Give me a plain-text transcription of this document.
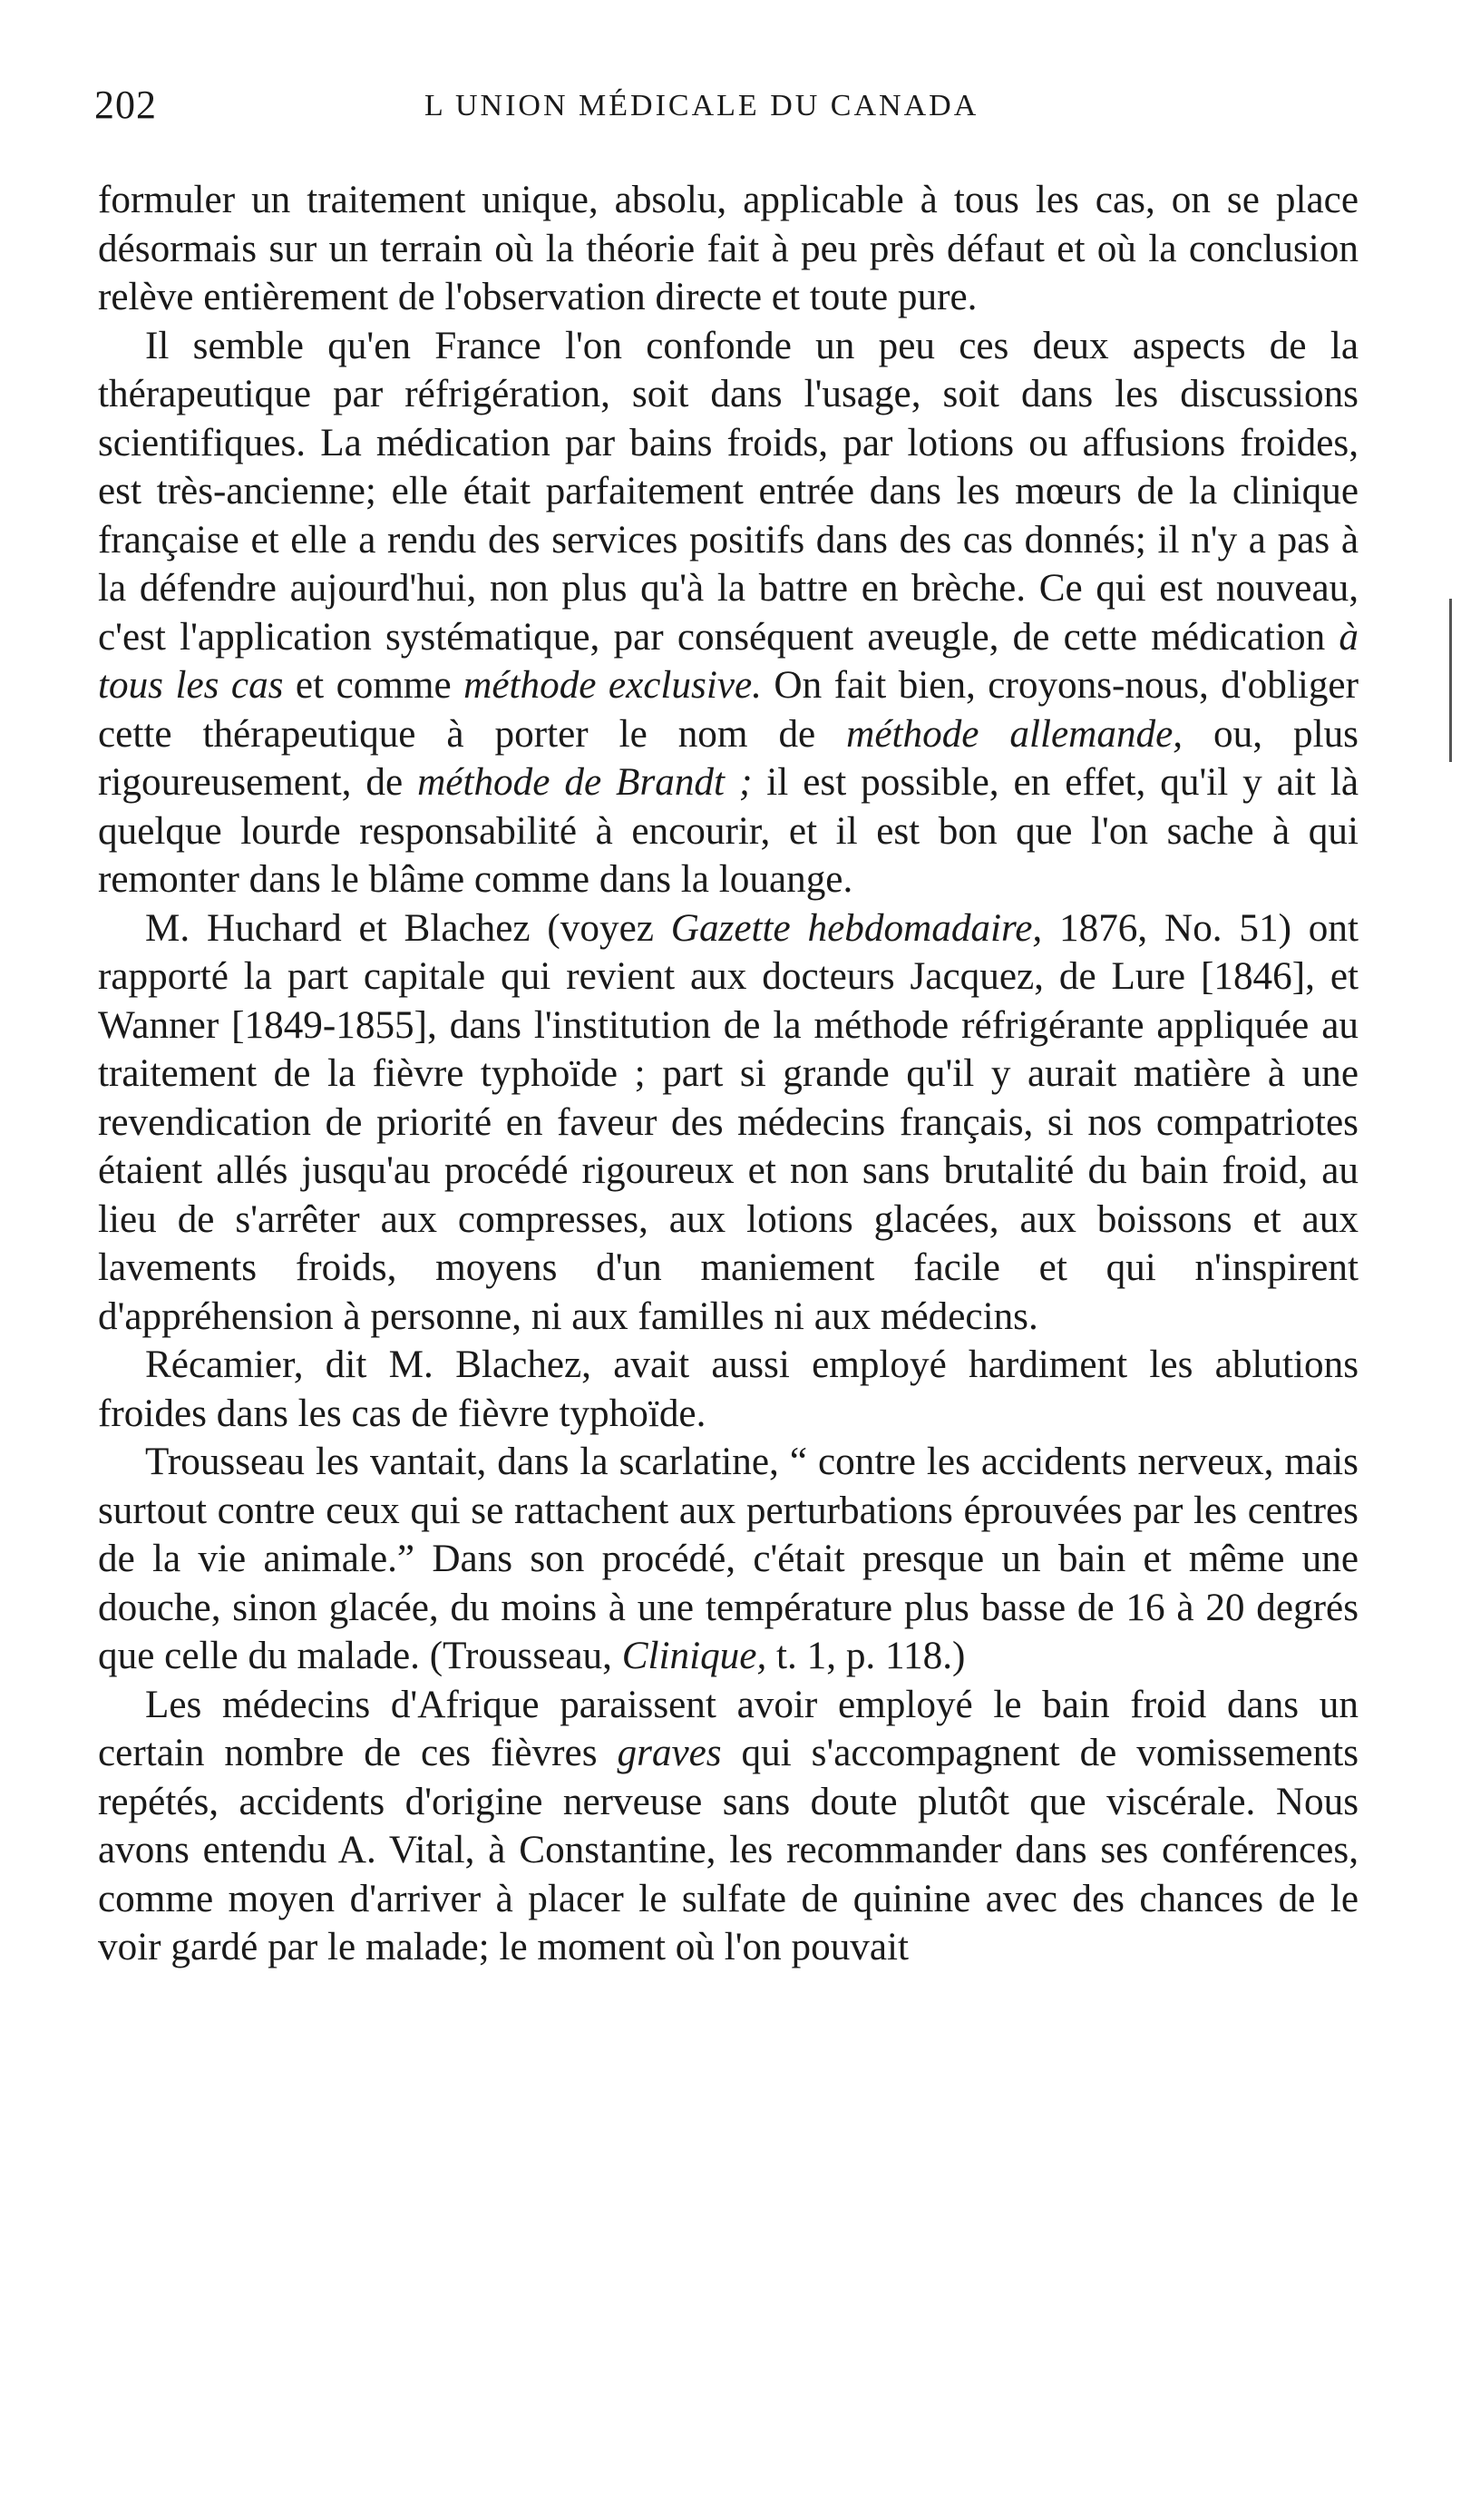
202	L UNION MÉDICALE DU CANADA

formuler un traitement unique, absolu, applicable à tous les cas, on se place désormais sur un terrain où la théorie fait à peu près défaut et où la conclusion relève entièrement de l'observation directe et toute pure.

Il semble qu'en France l'on confonde un peu ces deux aspects de la thérapeutique par réfrigération, soit dans l'usage, soit dans les discussions scientifiques. La médication par bains froids, par lotions ou affusions froides, est très-ancienne; elle était parfaitement entrée dans les mœurs de la clinique française et elle a rendu des services positifs dans des cas donnés; il n'y a pas à la défendre aujourd'hui, non plus qu'à la battre en brèche. Ce qui est nouveau, c'est l'application systématique, par conséquent aveugle, de cette médication à tous les cas et comme méthode exclusive. On fait bien, croyons-nous, d'obliger cette thérapeutique à porter le nom de méthode allemande, ou, plus rigoureusement, de méthode de Brandt ; il est possible, en effet, qu'il y ait là quelque lourde responsabilité à encourir, et il est bon que l'on sache à qui remonter dans le blâme comme dans la louange.

M. Huchard et Blachez (voyez Gazette hebdomadaire, 1876, No. 51) ont rapporté la part capitale qui revient aux docteurs Jacquez, de Lure [1846], et Wanner [1849-1855], dans l'institution de la méthode réfrigérante appliquée au traitement de la fièvre typhoïde ; part si grande qu'il y aurait matière à une revendication de priorité en faveur des médecins français, si nos compatriotes étaient allés jusqu'au procédé rigoureux et non sans brutalité du bain froid, au lieu de s'arrêter aux compresses, aux lotions glacées, aux boissons et aux lavements froids, moyens d'un maniement facile et qui n'inspirent d'appréhension à personne, ni aux familles ni aux médecins.

Récamier, dit M. Blachez, avait aussi employé hardiment les ablutions froides dans les cas de fièvre typhoïde.

Trousseau les vantait, dans la scarlatine, “ contre les accidents nerveux, mais surtout contre ceux qui se rattachent aux perturbations éprouvées par les centres de la vie animale.” Dans son procédé, c'était presque un bain et même une douche, sinon glacée, du moins à une température plus basse de 16 à 20 degrés que celle du malade. (Trousseau, Clinique, t. 1, p. 118.)

Les médecins d'Afrique paraissent avoir employé le bain froid dans un certain nombre de ces fièvres graves qui s'accompagnent de vomissements repétés, accidents d'origine nerveuse sans doute plutôt que viscérale. Nous avons entendu A. Vital, à Constantine, les recommander dans ses conférences, comme moyen d'arriver à placer le sulfate de quinine avec des chances de le voir gardé par le malade; le moment où l'on pouvait
